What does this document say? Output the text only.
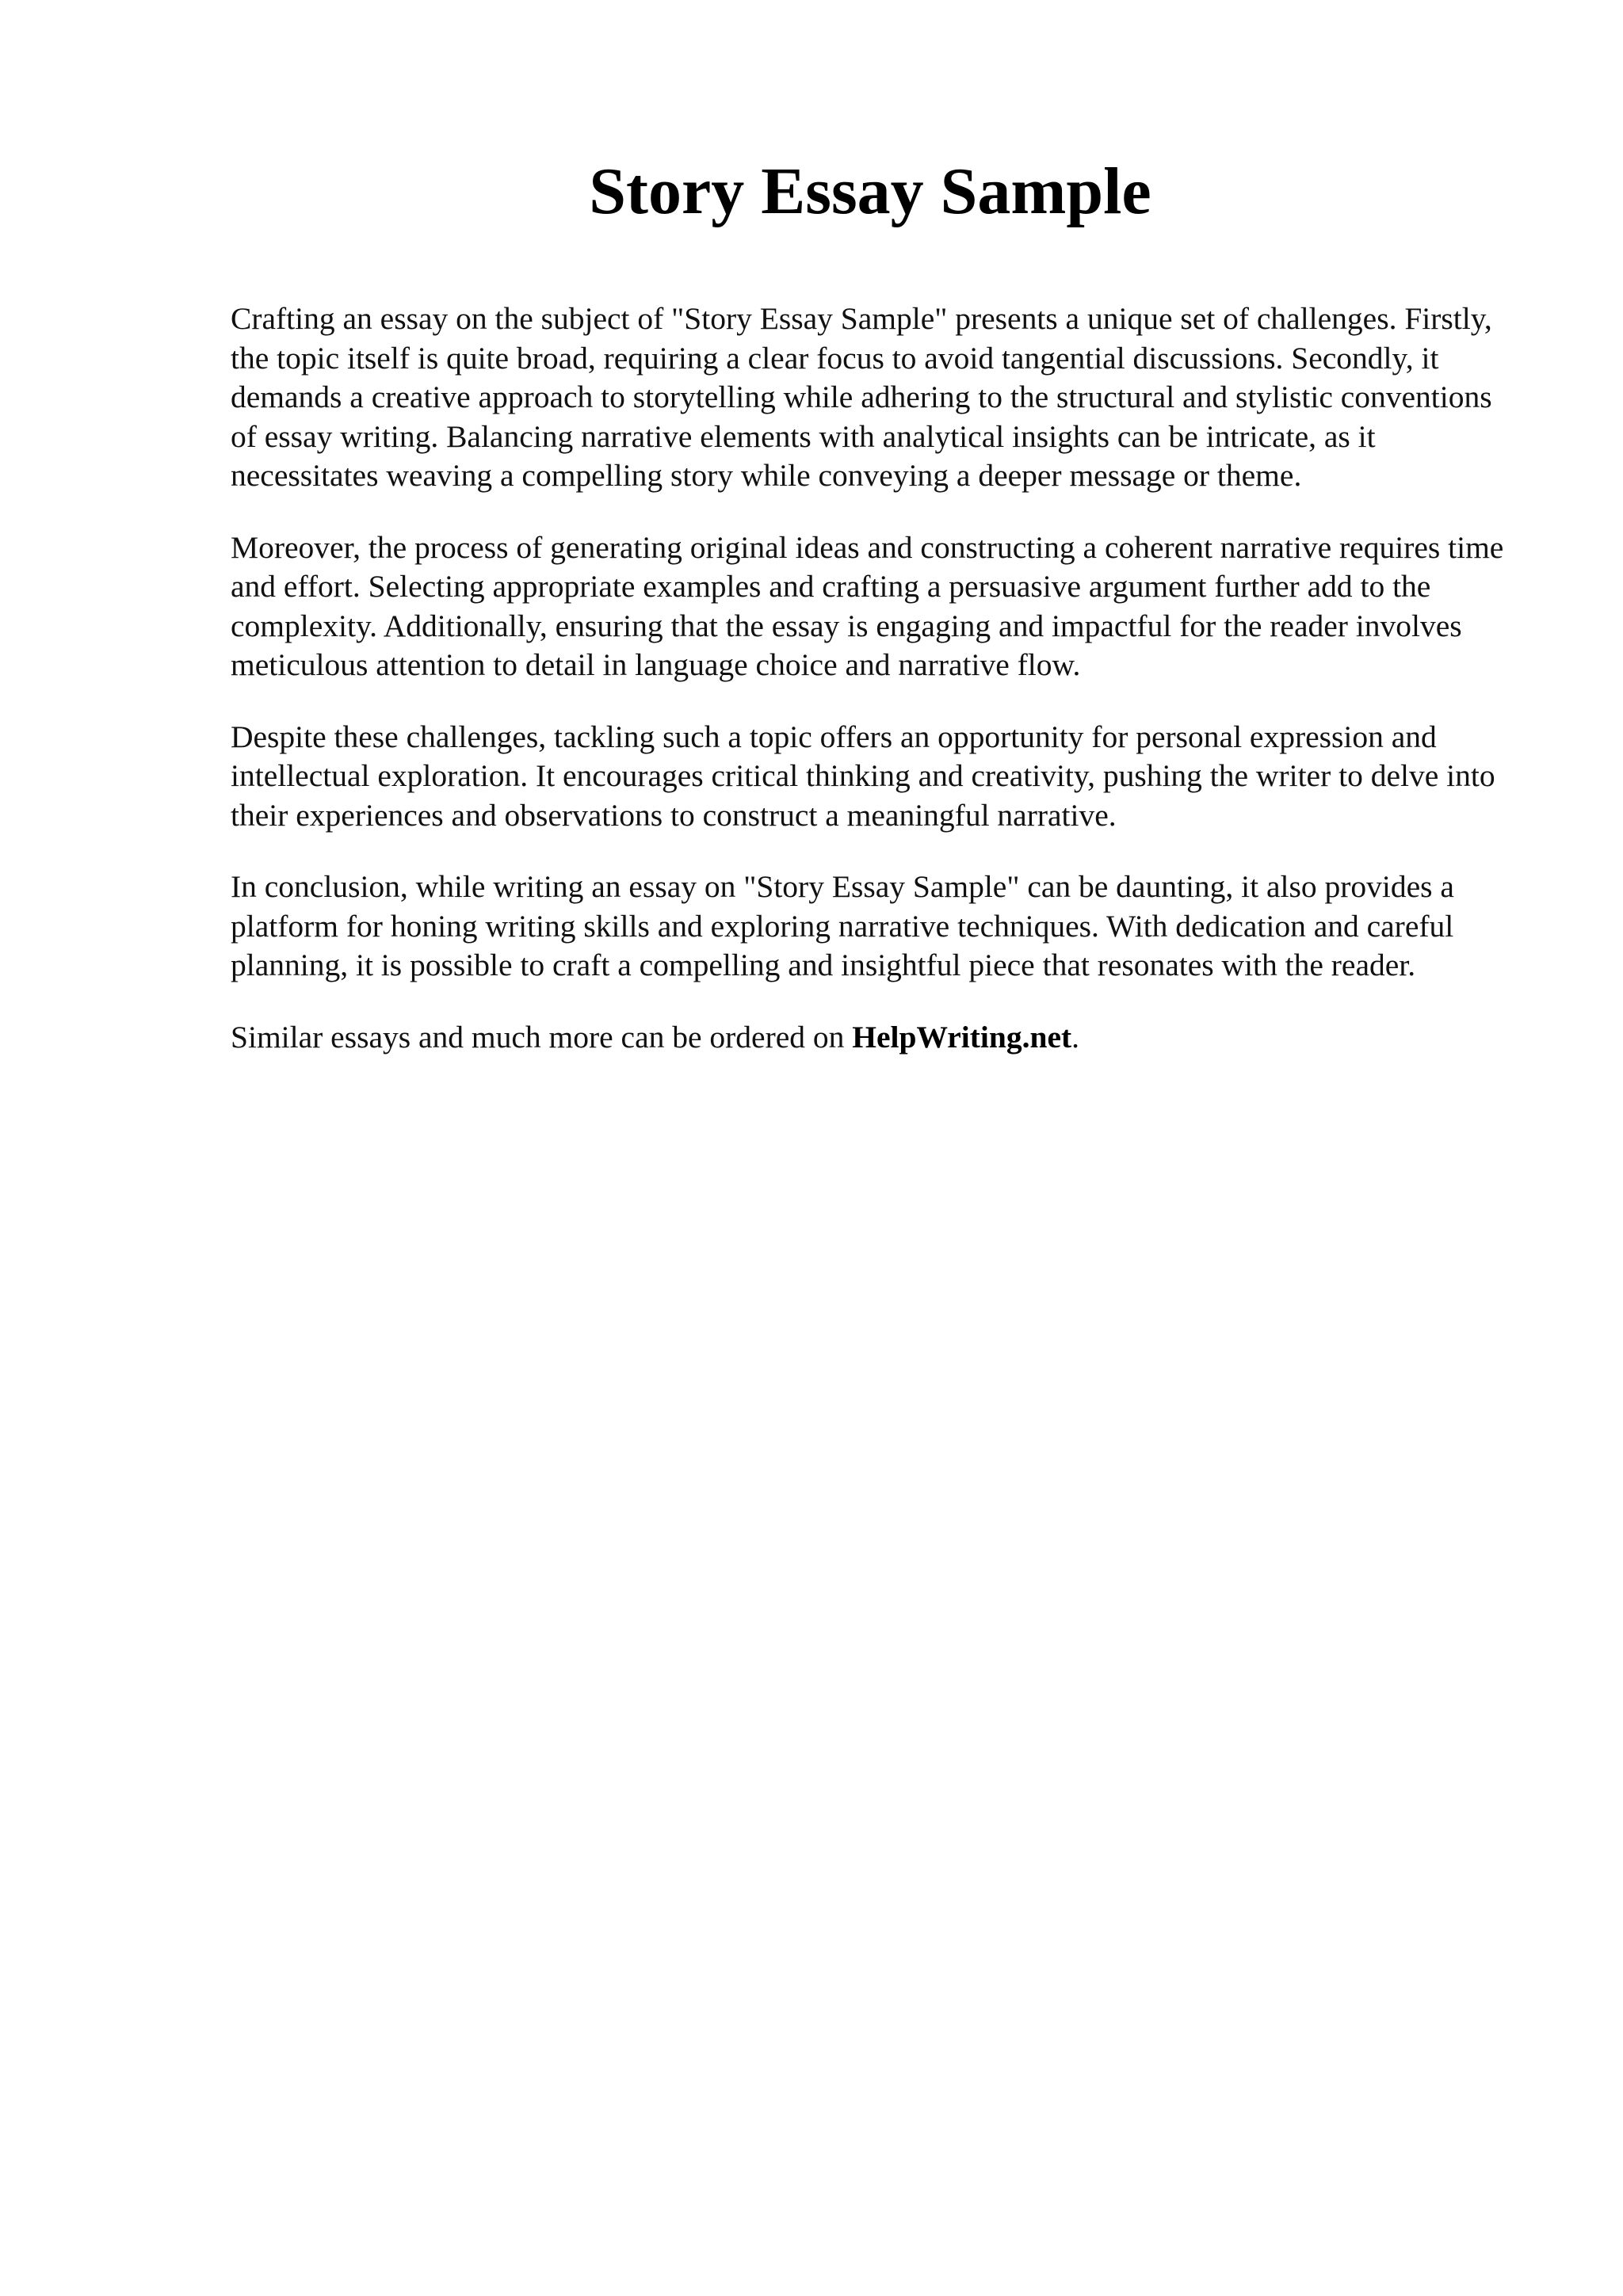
Story Essay Sample

Crafting an essay on the subject of "Story Essay Sample" presents a unique set of challenges. Firstly, the topic itself is quite broad, requiring a clear focus to avoid tangential discussions. Secondly, it demands a creative approach to storytelling while adhering to the structural and stylistic conventions of essay writing. Balancing narrative elements with analytical insights can be intricate, as it necessitates weaving a compelling story while conveying a deeper message or theme.

Moreover, the process of generating original ideas and constructing a coherent narrative requires time and effort. Selecting appropriate examples and crafting a persuasive argument further add to the complexity. Additionally, ensuring that the essay is engaging and impactful for the reader involves meticulous attention to detail in language choice and narrative flow.

Despite these challenges, tackling such a topic offers an opportunity for personal expression and intellectual exploration. It encourages critical thinking and creativity, pushing the writer to delve into their experiences and observations to construct a meaningful narrative.

In conclusion, while writing an essay on "Story Essay Sample" can be daunting, it also provides a platform for honing writing skills and exploring narrative techniques. With dedication and careful planning, it is possible to craft a compelling and insightful piece that resonates with the reader.

Similar essays and much more can be ordered on HelpWriting.net.
